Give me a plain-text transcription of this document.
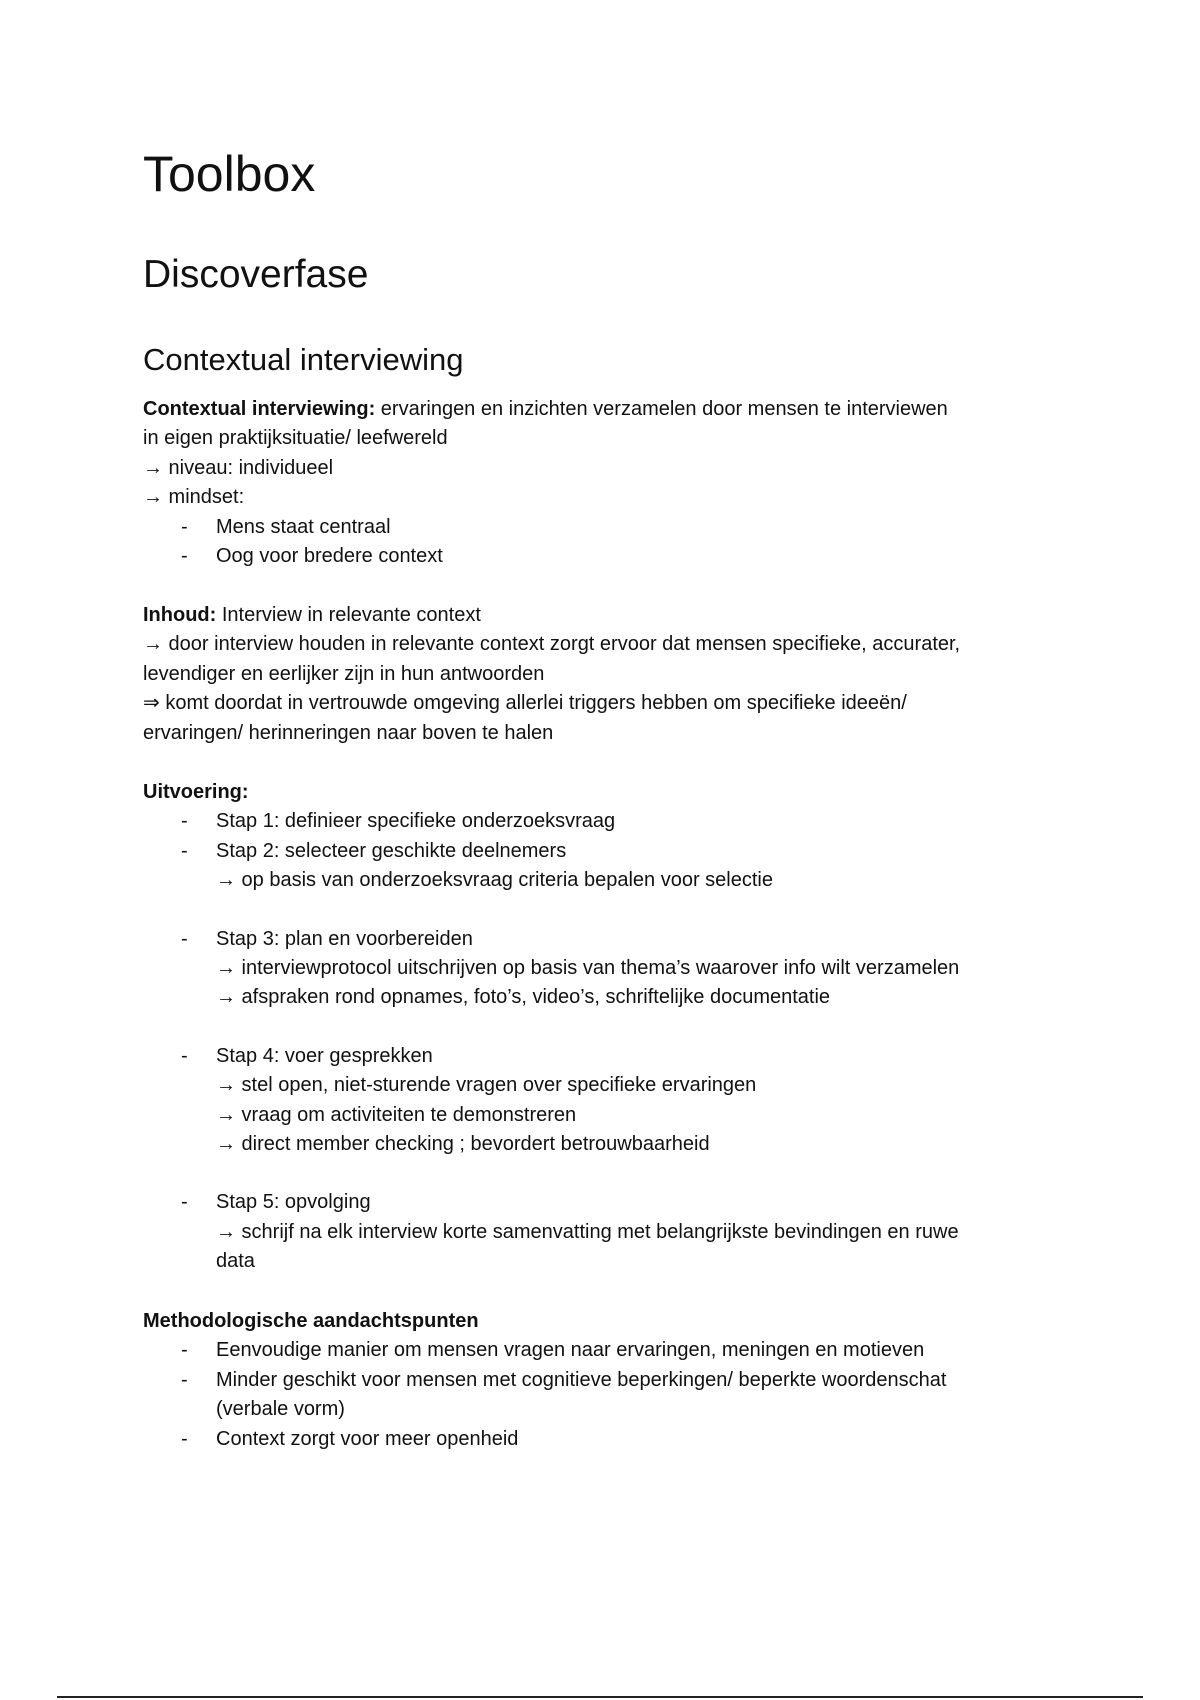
Toolbox
Discoverfase
Contextual interviewing
Contextual interviewing: ervaringen en inzichten verzamelen door mensen te interviewen
in eigen praktijksituatie/ leefwereld
→ niveau: individueel
→ mindset:
- Mens staat centraal
- Oog voor bredere context
Inhoud: Interview in relevante context
→ door interview houden in relevante context zorgt ervoor dat mensen specifieke, accurater,
levendiger en eerlijker zijn in hun antwoorden
⇒ komt doordat in vertrouwde omgeving allerlei triggers hebben om specifieke ideeën/
ervaringen/ herinneringen naar boven te halen
Uitvoering:
- Stap 1: definieer specifieke onderzoeksvraag
- Stap 2: selecteer geschikte deelnemers
→ op basis van onderzoeksvraag criteria bepalen voor selectie
- Stap 3: plan en voorbereiden
→ interviewprotocol uitschrijven op basis van thema’s waarover info wilt verzamelen
→ afspraken rond opnames, foto’s, video’s, schriftelijke documentatie
- Stap 4: voer gesprekken
→ stel open, niet-sturende vragen over specifieke ervaringen
→ vraag om activiteiten te demonstreren
→ direct member checking ; bevordert betrouwbaarheid
- Stap 5: opvolging
→ schrijf na elk interview korte samenvatting met belangrijkste bevindingen en ruwe
data
Methodologische aandachtspunten
- Eenvoudige manier om mensen vragen naar ervaringen, meningen en motieven
- Minder geschikt voor mensen met cognitieve beperkingen/ beperkte woordenschat
(verbale vorm)
- Context zorgt voor meer openheid
